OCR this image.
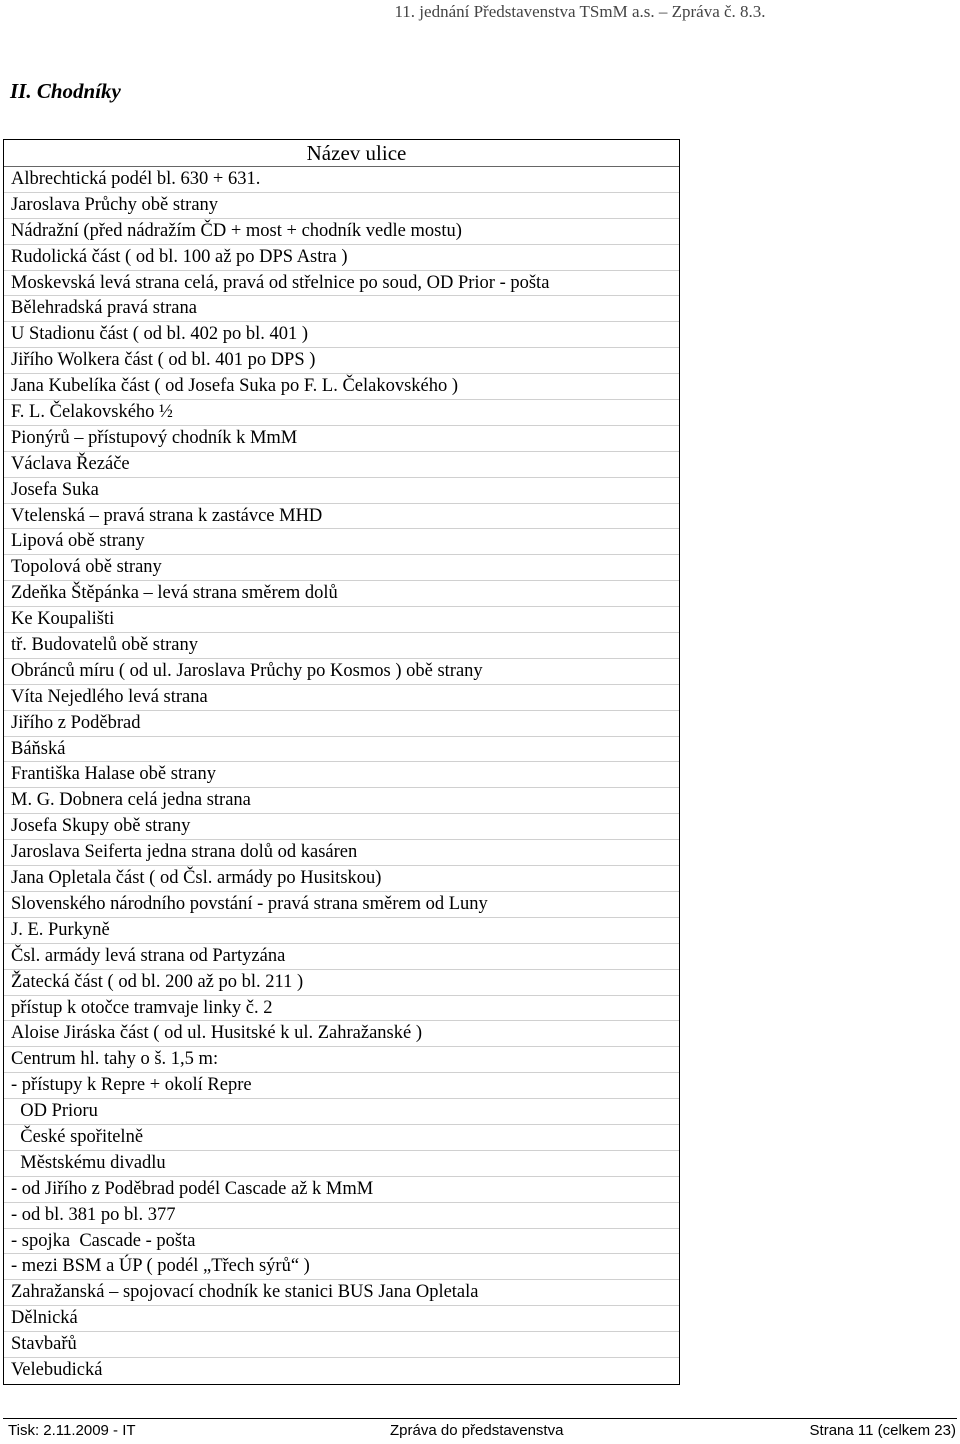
11. jednání Představenstva TSmM a.s. – Zpráva č. 8.3.
II. Chodníky
Název ulice
Albrechtická podél bl. 630 + 631.
Jaroslava Průchy obě strany
Nádražní (před nádražím ČD + most + chodník vedle mostu)
Rudolická část ( od bl. 100 až po DPS Astra )
Moskevská levá strana celá, pravá od střelnice po soud, OD Prior - pošta
Bělehradská pravá strana
U Stadionu část ( od bl. 402 po bl. 401 )
Jiřího Wolkera část ( od bl. 401 po DPS )
Jana Kubelíka část ( od Josefa Suka po F. L. Čelakovského )
F. L. Čelakovského ½
Pionýrů – přístupový chodník k MmM
Václava Řezáče
Josefa Suka
Vtelenská – pravá strana k zastávce MHD
Lipová obě strany
Topolová obě strany
Zdeňka Štěpánka – levá strana směrem dolů
Ke Koupališti
tř. Budovatelů obě strany
Obránců míru ( od ul. Jaroslava Průchy po Kosmos ) obě strany
Víta Nejedlého levá strana
Jiřího z Poděbrad
Báňská
Františka Halase obě strany
M. G. Dobnera celá jedna strana
Josefa Skupy obě strany
Jaroslava Seiferta jedna strana dolů od kasáren
Jana Opletala část ( od Čsl. armády po Husitskou)
Slovenského národního povstání - pravá strana směrem od Luny
J. E. Purkyně
Čsl. armády levá strana od Partyzána
Žatecká část ( od bl. 200 až po bl. 211 )
přístup k otočce tramvaje linky č. 2
Aloise Jiráska část ( od ul. Husitské k ul. Zahražanské )
Centrum hl. tahy o š. 1,5 m:
- přístupy k Repre + okolí Repre
OD Prioru
České spořitelně
Městskému divadlu
- od Jiřího z Poděbrad podél Cascade až k MmM
- od bl. 381 po bl. 377
- spojka  Cascade - pošta
- mezi BSM a ÚP ( podél „Třech sýrů“ )
Zahražanská – spojovací chodník ke stanici BUS Jana Opletala
Dělnická
Stavbařů
Velebudická
Tisk: 2.11.2009 - IT	Zpráva do představenstva	Strana 11 (celkem 23)
